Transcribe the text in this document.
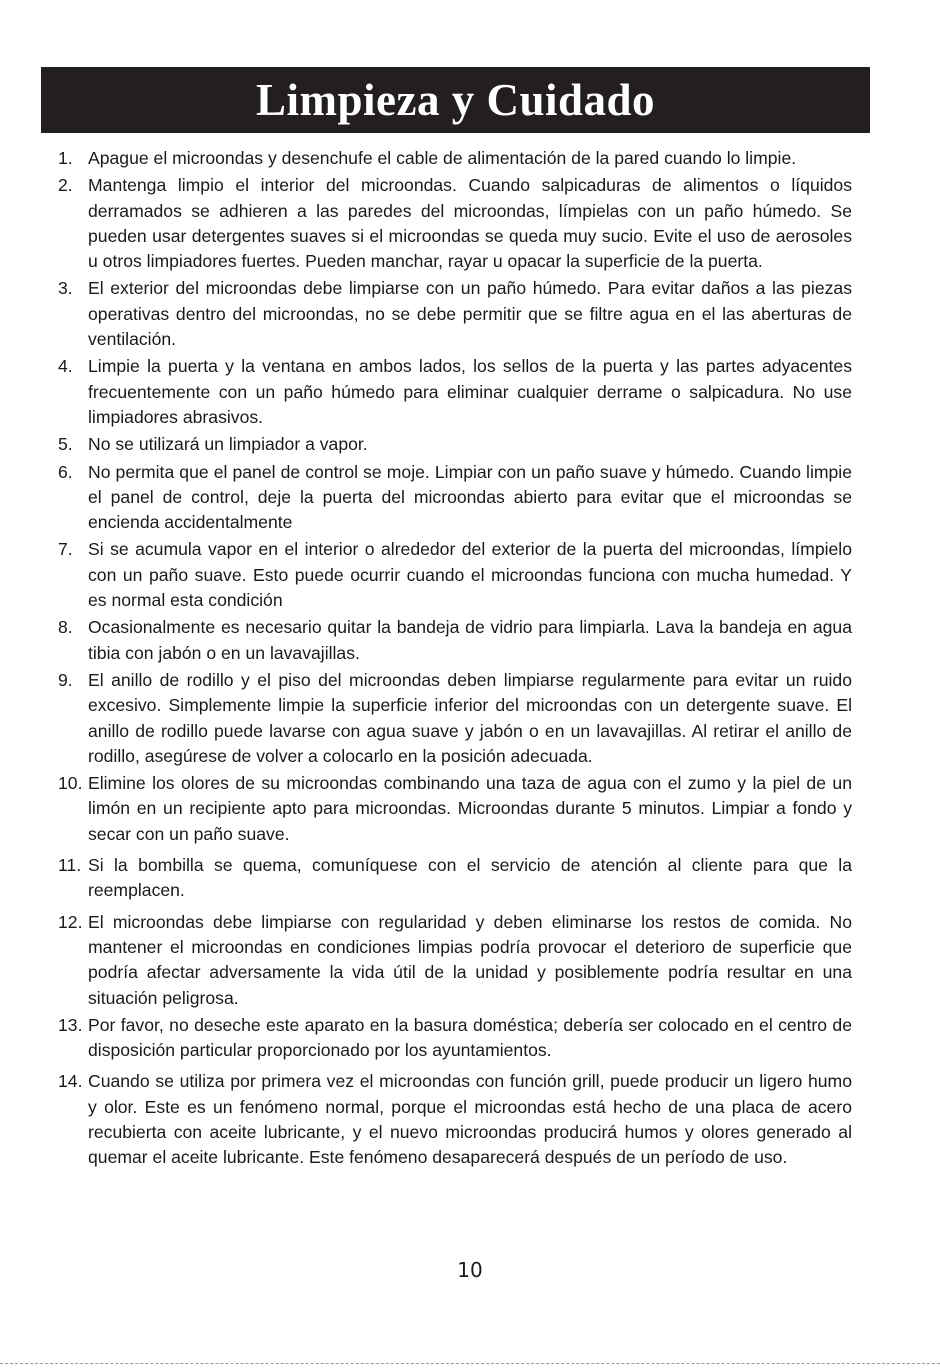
Limpieza y Cuidado
1. Apague el microondas y desenchufe el cable de alimentación de la pared cuando lo limpie.
2. Mantenga limpio el interior del microondas. Cuando salpicaduras de alimentos o líquidos derramados se adhieren a las paredes del microondas, límpielas con un paño húmedo. Se pueden usar detergentes suaves si el microondas se queda muy sucio. Evite el uso de aerosoles u otros limpiadores fuertes. Pueden manchar, rayar u opacar la superficie de la puerta.
3. El exterior del microondas debe limpiarse con un paño húmedo. Para evitar daños a las piezas operativas dentro del microondas, no se debe permitir que se filtre agua en el las aberturas de ventilación.
4. Limpie la puerta y la ventana en ambos lados, los sellos de la puerta y las partes adyacentes frecuentemente con un paño húmedo para eliminar cualquier derrame o salpicadura. No use limpiadores abrasivos.
5. No se utilizará un limpiador a vapor.
6. No permita que el panel de control se moje. Limpiar con un paño suave y húmedo. Cuando limpie el panel de control, deje la puerta del microondas abierto para evitar que el microondas se encienda accidentalmente
7. Si se acumula vapor en el interior o alrededor del exterior de la puerta del microondas, límpielo con un paño suave. Esto puede ocurrir cuando el microondas funciona con mucha humedad. Y es normal esta condición
8. Ocasionalmente es necesario quitar la bandeja de vidrio para limpiarla. Lava la bandeja en agua tibia con jabón o en un lavavajillas.
9. El anillo de rodillo y el piso del microondas deben limpiarse regularmente para evitar un ruido excesivo. Simplemente limpie la superficie inferior del microondas con un detergente suave. El anillo de rodillo puede lavarse con agua suave y jabón o en un lavavajillas. Al retirar el anillo de rodillo, asegúrese de volver a colocarlo en la posición adecuada.
10. Elimine los olores de su microondas combinando una taza de agua con el zumo y la piel de un limón en un recipiente apto para microondas. Microondas durante 5 minutos. Limpiar a fondo y secar con un paño suave.
11. Si la bombilla se quema, comuníquese con el servicio de atención al cliente para que la reemplacen.
12. El microondas debe limpiarse con regularidad y deben eliminarse los restos de comida. No mantener el microondas en condiciones limpias podría provocar el deterioro de superficie que podría afectar adversamente la vida útil de la unidad y posiblemente podría resultar en una situación peligrosa.
13. Por favor, no deseche este aparato en la basura doméstica; debería ser colocado en el centro de disposición particular proporcionado por los ayuntamientos.
14. Cuando se utiliza por primera vez el microondas con función grill, puede producir un ligero humo y olor. Este es un fenómeno normal, porque el microondas está hecho de una placa de acero recubierta con aceite lubricante, y el nuevo microondas producirá humos y olores generado al quemar el aceite lubricante. Este fenómeno desaparecerá después de un período de uso.
10
